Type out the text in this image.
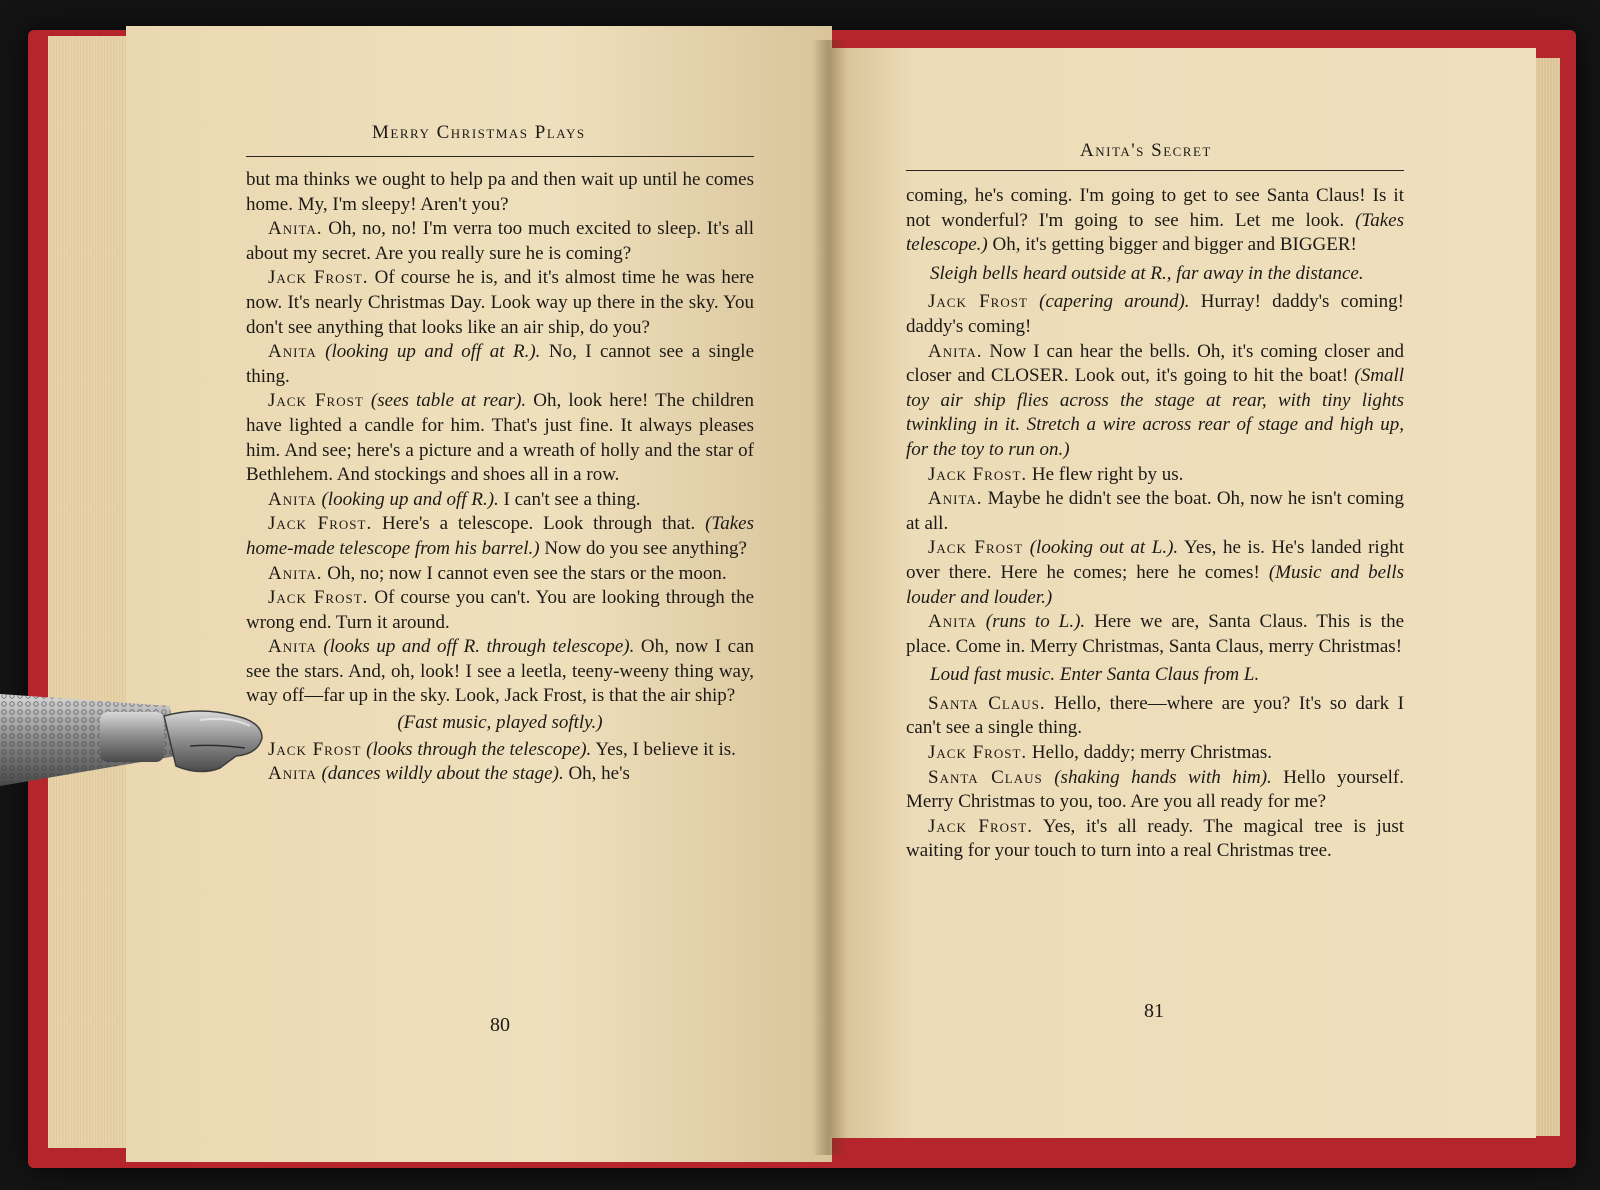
Merry Christmas Plays

but ma thinks we ought to help pa and then wait up until he comes home. My, I'm sleepy! Aren't you?

Anita. Oh, no, no! I'm verra too much excited to sleep. It's all about my secret. Are you really sure he is coming?

Jack Frost. Of course he is, and it's almost time he was here now. It's nearly Christmas Day. Look way up there in the sky. You don't see anything that looks like an air ship, do you?

Anita (looking up and off at R.). No, I cannot see a single thing.

Jack Frost (sees table at rear). Oh, look here! The children have lighted a candle for him. That's just fine. It always pleases him. And see; here's a picture and a wreath of holly and the star of Bethlehem. And stockings and shoes all in a row.

Anita (looking up and off R.). I can't see a thing.

Jack Frost. Here's a telescope. Look through that. (Takes home-made telescope from his barrel.) Now do you see anything?

Anita. Oh, no; now I cannot even see the stars or the moon.

Jack Frost. Of course you can't. You are looking through the wrong end. Turn it around.

Anita (looks up and off R. through telescope). Oh, now I can see the stars. And, oh, look! I see a leetla, teeny-weeny thing way, way off—far up in the sky. Look, Jack Frost, is that the air ship?

(Fast music, played softly.)

Jack Frost (looks through the telescope). Yes, I believe it is.

Anita (dances wildly about the stage). Oh, he's

80
Anita's Secret

coming, he's coming. I'm going to get to see Santa Claus! Is it not wonderful? I'm going to see him. Let me look. (Takes telescope.) Oh, it's getting bigger and bigger and BIGGER!

Sleigh bells heard outside at R., far away in the distance.

Jack Frost (capering around). Hurray! daddy's coming! daddy's coming!

Anita. Now I can hear the bells. Oh, it's coming closer and closer and CLOSER. Look out, it's going to hit the boat! (Small toy air ship flies across the stage at rear, with tiny lights twinkling in it. Stretch a wire across rear of stage and high up, for the toy to run on.)

Jack Frost. He flew right by us.

Anita. Maybe he didn't see the boat. Oh, now he isn't coming at all.

Jack Frost (looking out at L.). Yes, he is. He's landed right over there. Here he comes; here he comes! (Music and bells louder and louder.)

Anita (runs to L.). Here we are, Santa Claus. This is the place. Come in. Merry Christmas, Santa Claus, merry Christmas!

Loud fast music. Enter Santa Claus from L.

Santa Claus. Hello, there—where are you? It's so dark I can't see a single thing.

Jack Frost. Hello, daddy; merry Christmas.

Santa Claus (shaking hands with him). Hello yourself. Merry Christmas to you, too. Are you all ready for me?

Jack Frost. Yes, it's all ready. The magical tree is just waiting for your touch to turn into a real Christmas tree.

81
